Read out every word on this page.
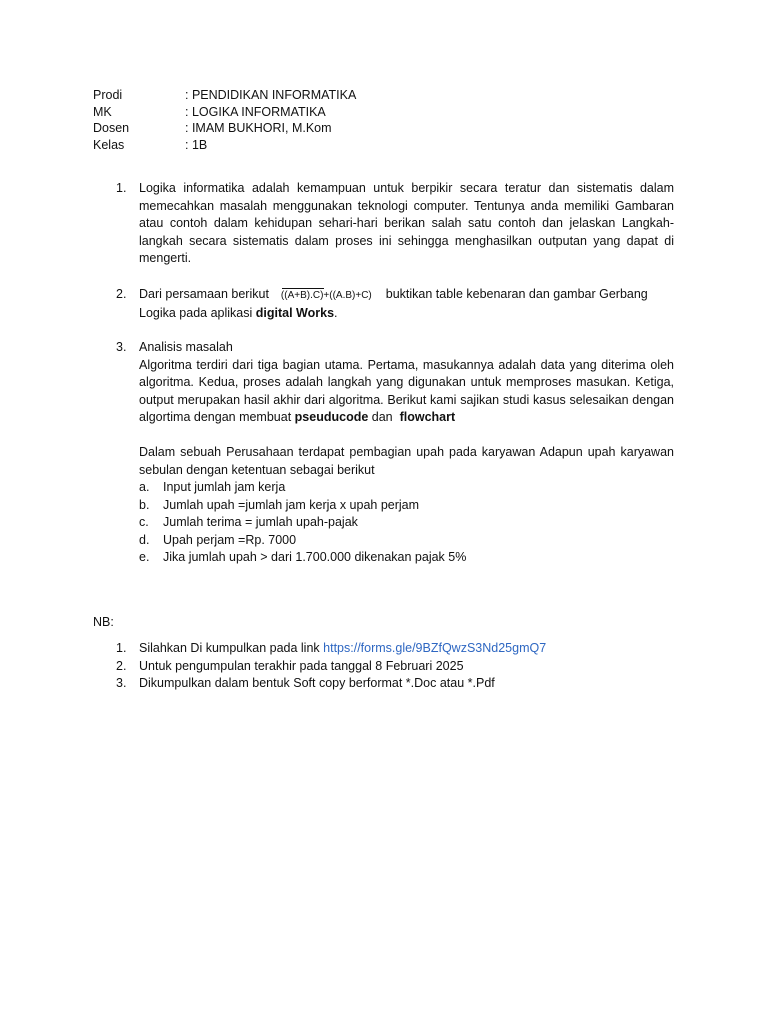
Prodi	: PENDIDIKAN INFORMATIKA
MK	: LOGIKA INFORMATIKA
Dosen	: IMAM BUKHORI, M.Kom
Kelas	: 1B
1. Logika informatika adalah kemampuan untuk berpikir secara teratur dan sistematis dalam memecahkan masalah menggunakan teknologi computer. Tentunya anda memiliki Gambaran atau contoh dalam kehidupan sehari-hari berikan salah satu contoh dan jelaskan Langkah-langkah secara sistematis dalam proses ini sehingga menghasilkan outputan yang dapat di mengerti.
2. Dari persamaan berikut ((A+B).C)+((A.B)+C) buktikan table kebenaran dan gambar Gerbang Logika pada aplikasi digital Works.
3. Analisis masalah
Algoritma terdiri dari tiga bagian utama. Pertama, masukannya adalah data yang diterima oleh algoritma. Kedua, proses adalah langkah yang digunakan untuk memproses masukan. Ketiga, output merupakan hasil akhir dari algoritma. Berikut kami sajikan studi kasus selesaikan dengan algortima dengan membuat pseuducode dan flowchart
Dalam sebuah Perusahaan terdapat pembagian upah pada karyawan Adapun upah karyawan sebulan dengan ketentuan sebagai berikut
a. Input jumlah jam kerja
b. Jumlah upah =jumlah jam kerja x upah perjam
c. Jumlah terima = jumlah upah-pajak
d. Upah perjam =Rp. 7000
e. Jika jumlah upah > dari 1.700.000 dikenakan pajak 5%
NB:
1. Silahkan Di kumpulkan pada link https://forms.gle/9BZfQwzS3Nd25gmQ7
2. Untuk pengumpulan terakhir pada tanggal 8 Februari 2025
3. Dikumpulkan dalam bentuk Soft copy berformat *.Doc atau *.Pdf
